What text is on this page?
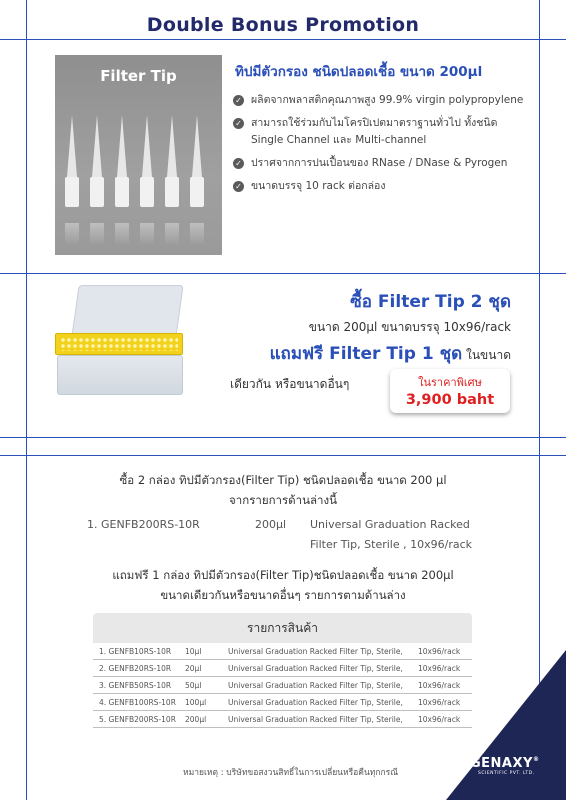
Double Bonus Promotion
Filter Tip	ทิปมีตัวกรอง ชนิดปลอดเชื้อ ขนาด 200µl
✓ ผลิตจากพลาสติกคุณภาพสูง 99.9% virgin polypropylene
✓ สามารถใช้ร่วมกับไมโครปิเปตมาตราฐานทั่วไป ทั้งชนิด Single Channel และ Multi-channel
✓ ปราศจากการปนเปื้อนของ RNase / DNase & Pyrogen
✓ ขนาดบรรจุ 10 rack ต่อกล่อง
ซื้อ Filter Tip 2 ชุด
ขนาด 200µl ขนาดบรรจุ 10x96/rack
แถมฟรี Filter Tip 1 ชุด ในขนาด
เดียวกัน หรือขนาดอื่นๆ	ในราคาพิเศษ
3,900 baht
ซื้อ 2 กล่อง ทิปมีตัวกรอง(Filter Tip) ชนิดปลอดเชื้อ ขนาด 200 µl
จากรายการด้านล่างนี้
1. GENFB200RS-10R	200µl Universal Graduation Racked
Filter Tip, Sterile , 10x96/rack
แถมฟรี 1 กล่อง ทิปมีตัวกรอง(Filter Tip)ชนิดปลอดเชื้อ ขนาด 200µl
ขนาดเดียวกันหรือขนาดอื่นๆ รายการตามด้านล่าง
รายการสินค้า
1. GENFB10RS-10R 10µl	Universal Graduation Racked Filter Tip, Sterile, 10x96/rack
2. GENFB20RS-10R 20µl	Universal Graduation Racked Filter Tip, Sterile, 10x96/rack
3. GENFB50RS-10R 50µl	Universal Graduation Racked Filter Tip, Sterile, 10x96/rack
4. GENFB100RS-10R 100µl	Universal Graduation Racked Filter Tip, Sterile, 10x96/rack
5. GENFB200RS-10R 200µl	Universal Graduation Racked Filter Tip, Sterile, 10x96/rack
หมายเหตุ : บริษัทขอสงวนสิทธิ์ในการเปลี่ยนหรือคืนทุกกรณี
GENAXY®
SCIENTIFIC PVT. LTD.
